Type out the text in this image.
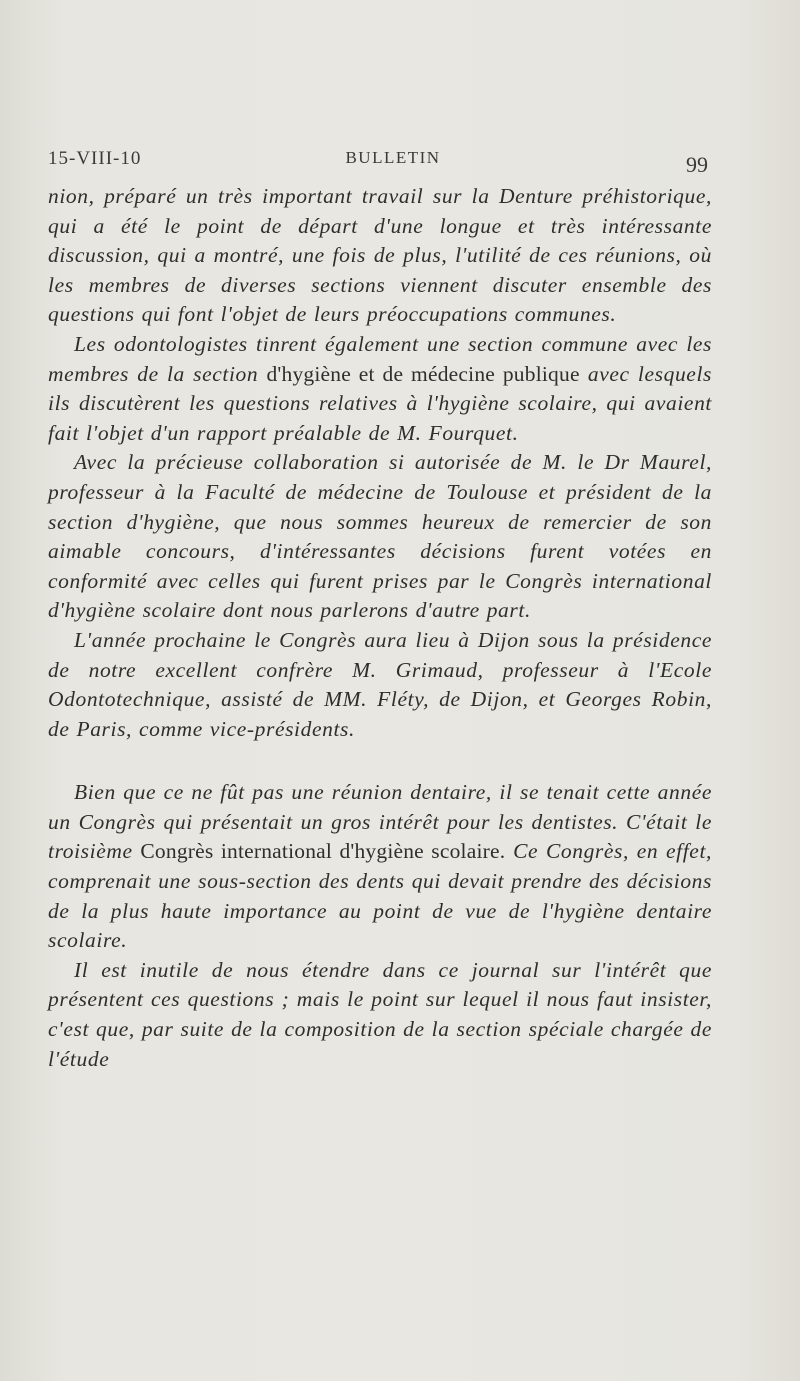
15-VIII-10	BULLETIN	99

nion, préparé un très important travail sur la Denture préhistorique, qui a été le point de départ d'une longue et très intéressante discussion, qui a montré, une fois de plus, l'utilité de ces réunions, où les membres de diverses sections viennent discuter ensemble des questions qui font l'objet de leurs préoccupations communes.

Les odontologistes tinrent également une section commune avec les membres de la section d'hygiène et de médecine publique avec lesquels ils discutèrent les questions relatives à l'hygiène scolaire, qui avaient fait l'objet d'un rapport préalable de M. Fourquet.

Avec la précieuse collaboration si autorisée de M. le Dr Maurel, professeur à la Faculté de médecine de Toulouse et président de la section d'hygiène, que nous sommes heureux de remercier de son aimable concours, d'intéressantes décisions furent votées en conformité avec celles qui furent prises par le Congrès international d'hygiène scolaire dont nous parlerons d'autre part.

L'année prochaine le Congrès aura lieu à Dijon sous la présidence de notre excellent confrère M. Grimaud, professeur à l'Ecole Odontotechnique, assisté de MM. Fléty, de Dijon, et Georges Robin, de Paris, comme vice-présidents.

Bien que ce ne fût pas une réunion dentaire, il se tenait cette année un Congrès qui présentait un gros intérêt pour les dentistes. C'était le troisième Congrès international d'hygiène scolaire. Ce Congrès, en effet, comprenait une sous-section des dents qui devait prendre des décisions de la plus haute importance au point de vue de l'hygiène dentaire scolaire.

Il est inutile de nous étendre dans ce journal sur l'intérêt que présentent ces questions ; mais le point sur lequel il nous faut insister, c'est que, par suite de la composition de la section spéciale chargée de l'étude
